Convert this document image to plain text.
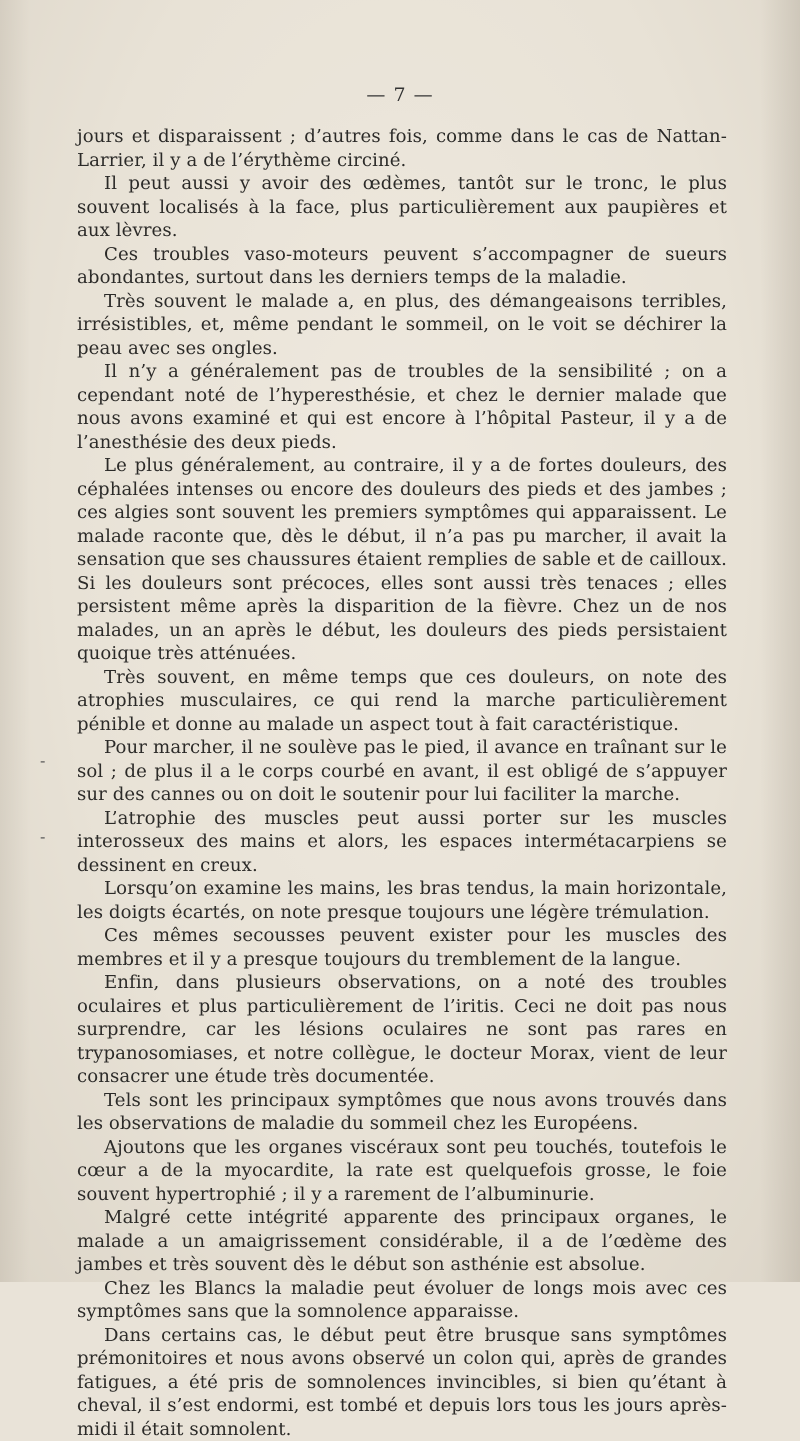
— 7 —
-
-

jours et disparaissent ; d’autres fois, comme dans le cas de Nattan-Larrier, il y a de l’érythème circiné.

Il peut aussi y avoir des œdèmes, tantôt sur le tronc, le plus souvent localisés à la face, plus particulièrement aux paupières et aux lèvres.

Ces troubles vaso-moteurs peuvent s’accompagner de sueurs abondantes, surtout dans les derniers temps de la maladie.

Très souvent le malade a, en plus, des démangeaisons terribles, irrésistibles, et, même pendant le sommeil, on le voit se déchirer la peau avec ses ongles.

Il n’y a généralement pas de troubles de la sensibilité ; on a cependant noté de l’hyperesthésie, et chez le dernier malade que nous avons examiné et qui est encore à l’hôpital Pasteur, il y a de l’anesthésie des deux pieds.

Le plus généralement, au contraire, il y a de fortes douleurs, des céphalées intenses ou encore des douleurs des pieds et des jambes ; ces algies sont souvent les premiers symptômes qui apparaissent. Le malade raconte que, dès le début, il n’a pas pu marcher, il avait la sensation que ses chaussures étaient remplies de sable et de cailloux. Si les douleurs sont précoces, elles sont aussi très tenaces ; elles persistent même après la disparition de la fièvre. Chez un de nos malades, un an après le début, les douleurs des pieds persistaient quoique très atténuées.

Très souvent, en même temps que ces douleurs, on note des atrophies musculaires, ce qui rend la marche particulièrement pénible et donne au malade un aspect tout à fait caractéristique.

Pour marcher, il ne soulève pas le pied, il avance en traînant sur le sol ; de plus il a le corps courbé en avant, il est obligé de s’appuyer sur des cannes ou on doit le soutenir pour lui faciliter la marche.

L’atrophie des muscles peut aussi porter sur les muscles interosseux des mains et alors, les espaces intermétacarpiens se dessinent en creux.

Lorsqu’on examine les mains, les bras tendus, la main horizontale, les doigts écartés, on note presque toujours une légère trémulation.

Ces mêmes secousses peuvent exister pour les muscles des membres et il y a presque toujours du tremblement de la langue.

Enfin, dans plusieurs observations, on a noté des troubles oculaires et plus particulièrement de l’iritis. Ceci ne doit pas nous surprendre, car les lésions oculaires ne sont pas rares en trypanosomiases, et notre collègue, le docteur Morax, vient de leur consacrer une étude très documentée.

Tels sont les principaux symptômes que nous avons trouvés dans les observations de maladie du sommeil chez les Européens.

Ajoutons que les organes viscéraux sont peu touchés, toutefois le cœur a de la myocardite, la rate est quelquefois grosse, le foie souvent hypertrophié ; il y a rarement de l’albuminurie.

Malgré cette intégrité apparente des principaux organes, le malade a un amaigrissement considérable, il a de l’œdème des jambes et très souvent dès le début son asthénie est absolue.

Chez les Blancs la maladie peut évoluer de longs mois avec ces symptômes sans que la somnolence apparaisse.

Dans certains cas, le début peut être brusque sans symptômes prémonitoires et nous avons observé un colon qui, après de grandes fatigues, a été pris de somnolences invincibles, si bien qu’étant à cheval, il s’est endormi, est tombé et depuis lors tous les jours après-midi il était somnolent.
